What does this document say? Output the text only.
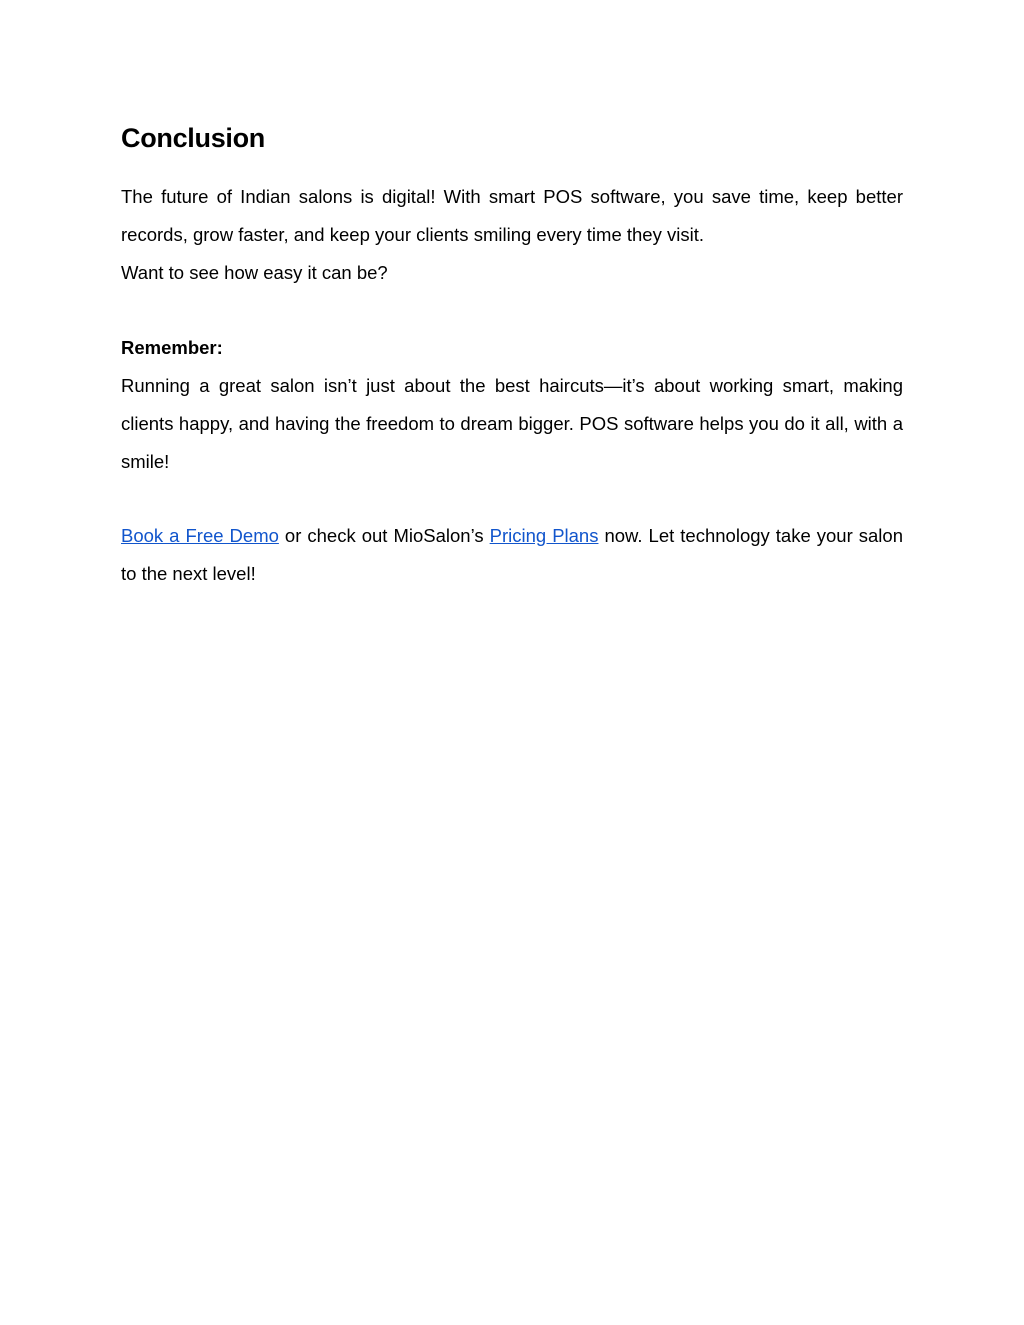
Conclusion

The future of Indian salons is digital! With smart POS software, you save time, keep better records, grow faster, and keep your clients smiling every time they visit.

Want to see how easy it can be?

Remember:

Running a great salon isn’t just about the best haircuts—it’s about working smart, making clients happy, and having the freedom to dream bigger. POS software helps you do it all, with a smile!

Book a Free Demo or check out MioSalon’s Pricing Plans now. Let technology take your salon to the next level!
